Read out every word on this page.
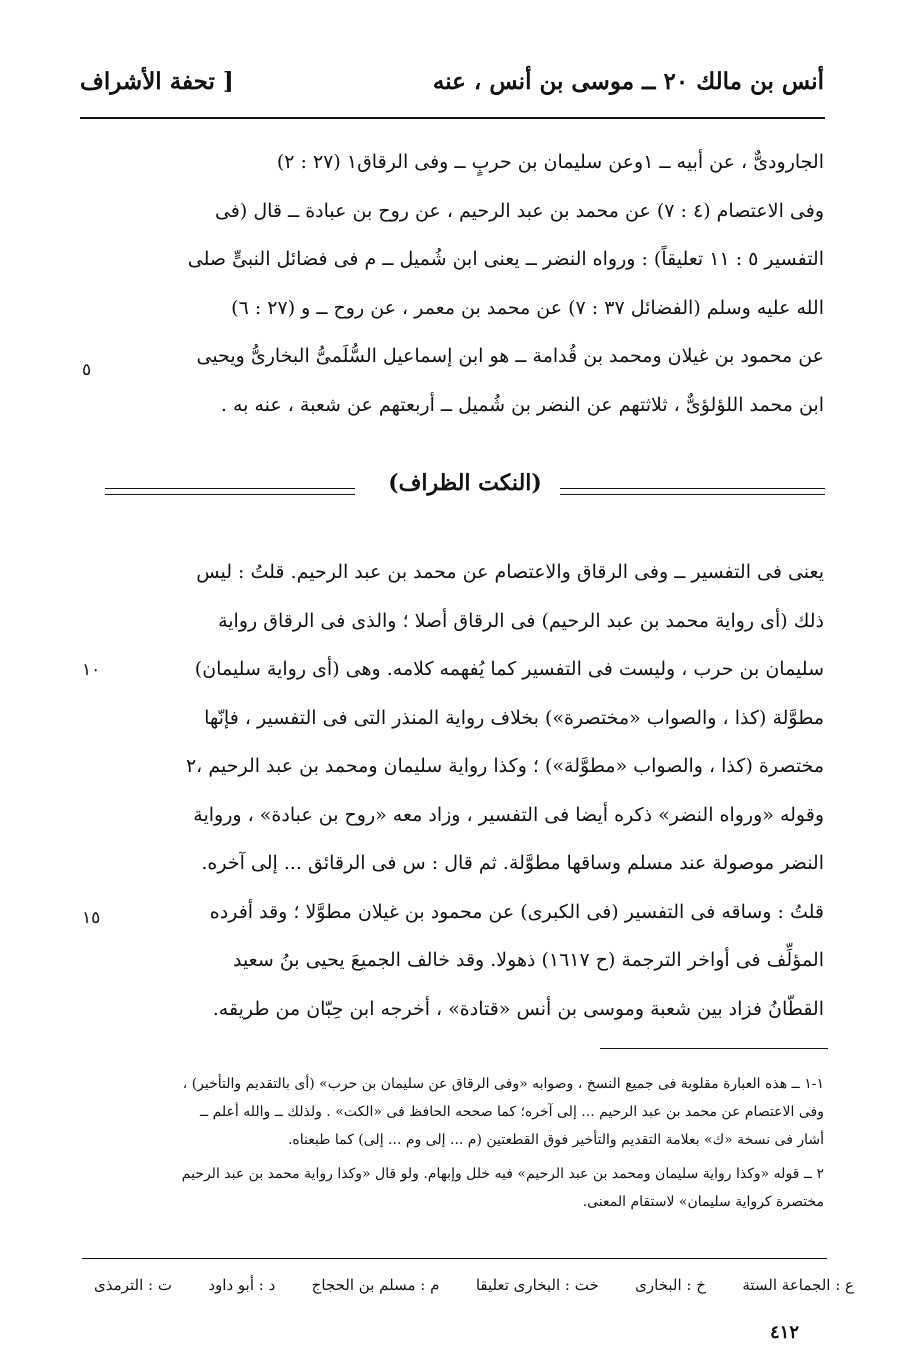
أنس بن مالك ٢٠ ــ موسى بن أنس ، عنه
[ تحفة الأشراف
الجارودىٌّ ، عن أبيه ــ ١وعن سليمان بن حربٍ ــ وفى الرقاق١ (٢٧ : ٢)
وفى الاعتصام (٤ : ٧) عن محمد بن عبد الرحيم ، عن روح بن عبادة ــ قال (فى
التفسير ٥ : ١١ تعليقاً) : ورواه النضر ــ يعنى ابن شُميل ــ م فى فضائل النبىٍّ صلى
الله عليه وسلم (الفضائل ٣٧ : ٧) عن محمد بن معمر ، عن روح ــ و (٢٧ : ٦)
عن محمود بن غيلان ومحمد بن قُدامة ــ هو ابن إسماعيل السُّلَمىُّ البخارىُّ ويحيى
ابن محمد اللؤلؤىٌّ ، ثلاثتهم عن النضر بن شُميل ــ أربعتهم عن شعبة ، عنه به .
٥
(النكت الظراف)
يعنى فى التفسير ــ وفى الرقاق والاعتصام عن محمد بن عبد الرحيم. قلتُ : ليس
ذلك (أى رواية محمد بن عبد الرحيم) فى الرقاق أصلا ؛ والذى فى الرقاق رواية
سليمان بن حرب ، وليست فى التفسير كما يُفهمه كلامه. وهى (أى رواية سليمان)
مطوَّلة (كذا ، والصواب «مختصرة») بخلاف رواية المنذر التى فى التفسير ، فإنّها
مختصرة (كذا ، والصواب «مطوَّلة») ؛ وكذا رواية سليمان ومحمد بن عبد الرحيم ،٢
وقوله «ورواه النضر» ذكره أيضا فى التفسير ، وزاد معه «روح بن عبادة» ، ورواية
النضر موصولة عند مسلم وساقها مطوَّلة. ثم قال : س فى الرقائق ... إلى آخره.
قلتُ : وساقه فى التفسير (فى الكبرى) عن محمود بن غيلان مطوَّلا ؛ وقد أفرده
المؤلِّف فى أواخر الترجمة (ح ١٦١٧) ذهولا. وقد خالف الجميعَ يحيى بنُ سعيد
القطّانُ فزاد بين شعبة وموسى بن أنس «قتادة» ، أخرجه ابن حِبّان من طريقه.
١٠
١٥
١-١ ــ هذه العبارة مقلوبة فى جميع النسخ ، وصوابه «وفى الرقاق عن سليمان بن حرب» (أى بالتقديم والتأخير) ،
وفى الاعتصام عن محمد بن عبد الرحيم ... إلى آخره؛ كما صححه الحافظ فى «الكت» . ولذلك ــ والله أعلم ــ
أشار فى نسخة «ك» بعلامة التقديم والتأخير فوق القطعتين (م ... إلى وم ... إلى) كما طبعناه.
٢ ــ قوله «وكذا رواية سليمان ومحمد بن عبد الرحيم» فيه خلل وإبهام. ولو قال «وكذا رواية محمد بن عبد الرحيم
مختصرة كرواية سليمان» لاستقام المعنى.
ع : الجماعة الستة
خ : البخارى
خت : البخارى تعليقا
م : مسلم بن الحجاج
د : أبو داود
ت : الترمذى
٤١٢
